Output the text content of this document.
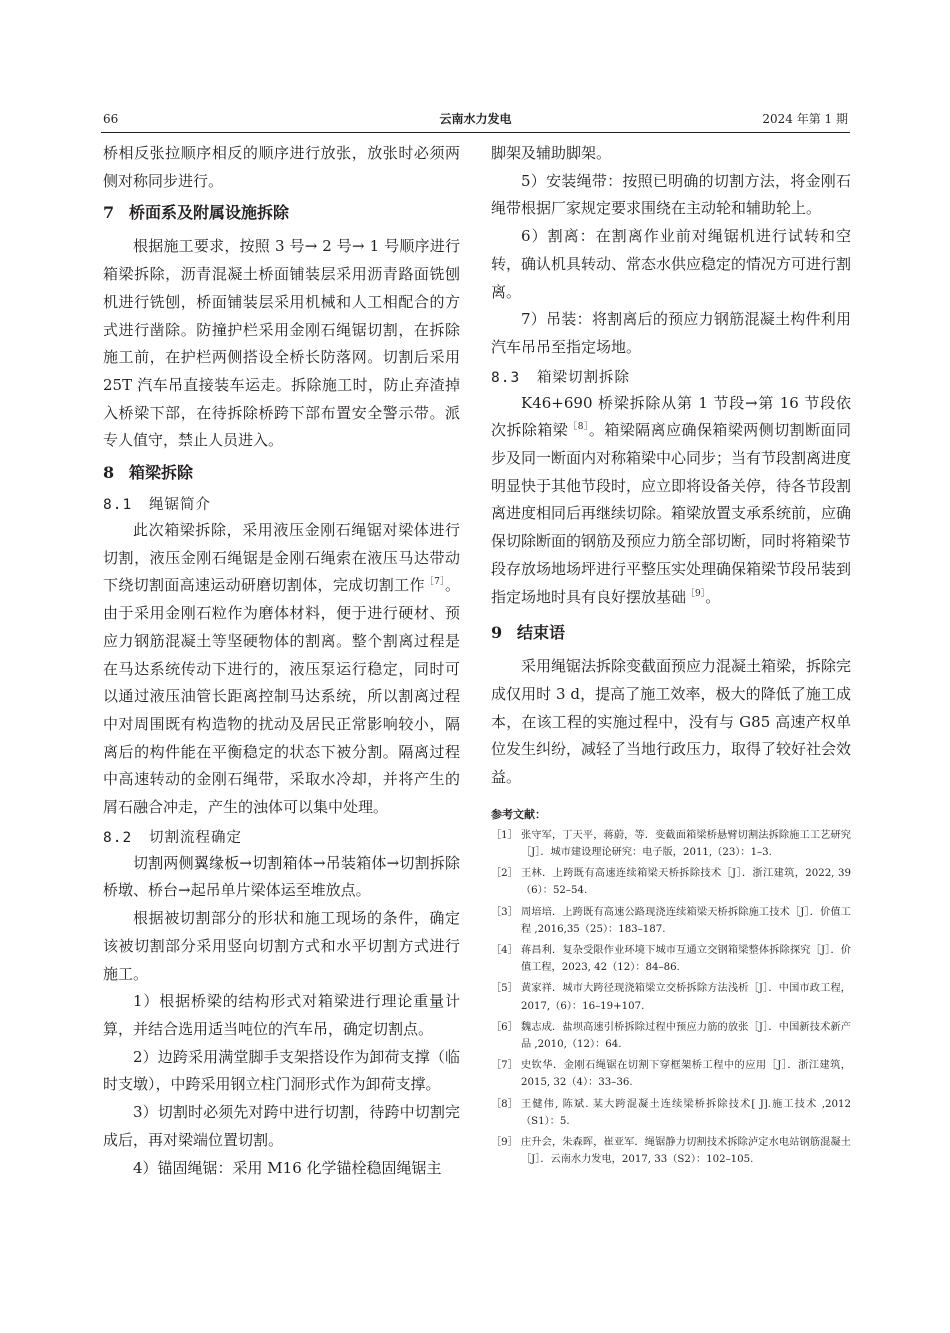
66	云南水力发电	2024 年第 1 期

桥相反张拉顺序相反的顺序进行放张，放张时必须两侧对称同步进行。

7 桥面系及附属设施拆除

根据施工要求，按照 3 号→ 2 号→ 1 号顺序进行箱梁拆除，沥青混凝土桥面铺装层采用沥青路面铣刨机进行铣刨，桥面铺装层采用机械和人工相配合的方式进行凿除。防撞护栏采用金刚石绳锯切割，在拆除施工前，在护栏两侧搭设全桥长防落网。切割后采用 25T 汽车吊直接装车运走。拆除施工时，防止弃渣掉入桥梁下部，在待拆除桥跨下部布置安全警示带。派专人值守，禁止人员进入。

8 箱梁拆除
8.1 绳锯简介

此次箱梁拆除，采用液压金刚石绳锯对梁体进行切割，液压金刚石绳锯是金刚石绳索在液压马达带动下绕切割面高速运动研磨切割体，完成切割工作$^{[7]}$。由于采用金刚石粒作为磨体材料，便于进行硬材、预应力钢筋混凝土等坚硬物体的割离。整个割离过程是在马达系统传动下进行的，液压泵运行稳定，同时可以通过液压油管长距离控制马达系统，所以割离过程中对周围既有构造物的扰动及居民正常影响较小，隔离后的构件能在平衡稳定的状态下被分割。隔离过程中高速转动的金刚石绳带，采取水冷却，并将产生的屑石融合冲走，产生的浊体可以集中处理。

8.2 切割流程确定

切割两侧翼缘板→切割箱体→吊装箱体→切割拆除桥墩、桥台→起吊单片梁体运至堆放点。

根据被切割部分的形状和施工现场的条件，确定该被切割部分采用竖向切割方式和水平切割方式进行施工。

1）根据桥梁的结构形式对箱梁进行理论重量计算，并结合选用适当吨位的汽车吊，确定切割点。

2）边跨采用满堂脚手支架搭设作为卸荷支撑（临时支墩），中跨采用钢立柱门洞形式作为卸荷支撑。

3）切割时必须先对跨中进行切割，待跨中切割完成后，再对梁端位置切割。

4）锚固绳锯：采用 M16 化学锚栓稳固绳锯主

脚架及辅助脚架。

5）安装绳带：按照已明确的切割方法，将金刚石绳带根据厂家规定要求围绕在主动轮和辅助轮上。

6）割离：在割离作业前对绳锯机进行试转和空转，确认机具转动、常态水供应稳定的情况方可进行割离。

7）吊装：将割离后的预应力钢筋混凝土构件利用汽车吊吊至指定场地。

8.3 箱梁切割拆除

K46+690 桥梁拆除从第 1 节段→第 16 节段依次拆除箱梁$^{[8]}$。箱梁隔离应确保箱梁两侧切割断面同步及同一断面内对称箱梁中心同步；当有节段割离进度明显快于其他节段时，应立即将设备关停，待各节段割离进度相同后再继续切除。箱梁放置支承系统前，应确保切除断面的钢筋及预应力筋全部切断，同时将箱梁节段存放场地场坪进行平整压实处理确保箱梁节段吊装到指定场地时具有良好摆放基础$^{[9]}$。

9 结束语

采用绳锯法拆除变截面预应力混凝土箱梁，拆除完成仅用时 3 d，提高了施工效率，极大的降低了施工成本，在该工程的实施过程中，没有与 G85 高速产权单位发生纠纷，减轻了当地行政压力，取得了较好社会效益。

参考文献：
［1］ 张守军，丁天平，蒋蔚，等．变截面箱梁桥悬臂切割法拆除施工工艺研究［J］．城市建设理论研究：电子版，2011,（23）：1–3.
［2］ 王林．上跨既有高速连续箱梁天桥拆除技术［J］．浙江建筑，2022, 39（6）：52–54.
［3］ 周培培．上跨既有高速公路现浇连续箱梁天桥拆除施工技术［J］．价值工程 ,2016,35（25）：183–187.
［4］ 蒋昌利．复杂受限作业环境下城市互通立交钢箱梁整体拆除探究［J］．价值工程，2023, 42（12）：84–86.
［5］ 黄家祥．城市大跨径现浇箱梁立交桥拆除方法浅析［J］．中国市政工程，2017,（6）：16–19+107.
［6］ 魏志成．盐坝高速引桥拆除过程中预应力筋的放张［J］．中国新技术新产品 ,2010,（12）：64.
［7］ 史钦华．金刚石绳锯在切割下穿框架桥工程中的应用［J］．浙江建筑，2015, 32（4）：33–36.
［8］ 王健伟, 陈斌. 某大跨混凝土连续梁桥拆除技术[ J].施工技术 ,2012（S1）：5.
［9］ 庄升会，朱森晖，崔亚军．绳锯静力切割技术拆除泸定水电站钢筋混凝土［J］．云南水力发电，2017, 33（S2）：102–105.
